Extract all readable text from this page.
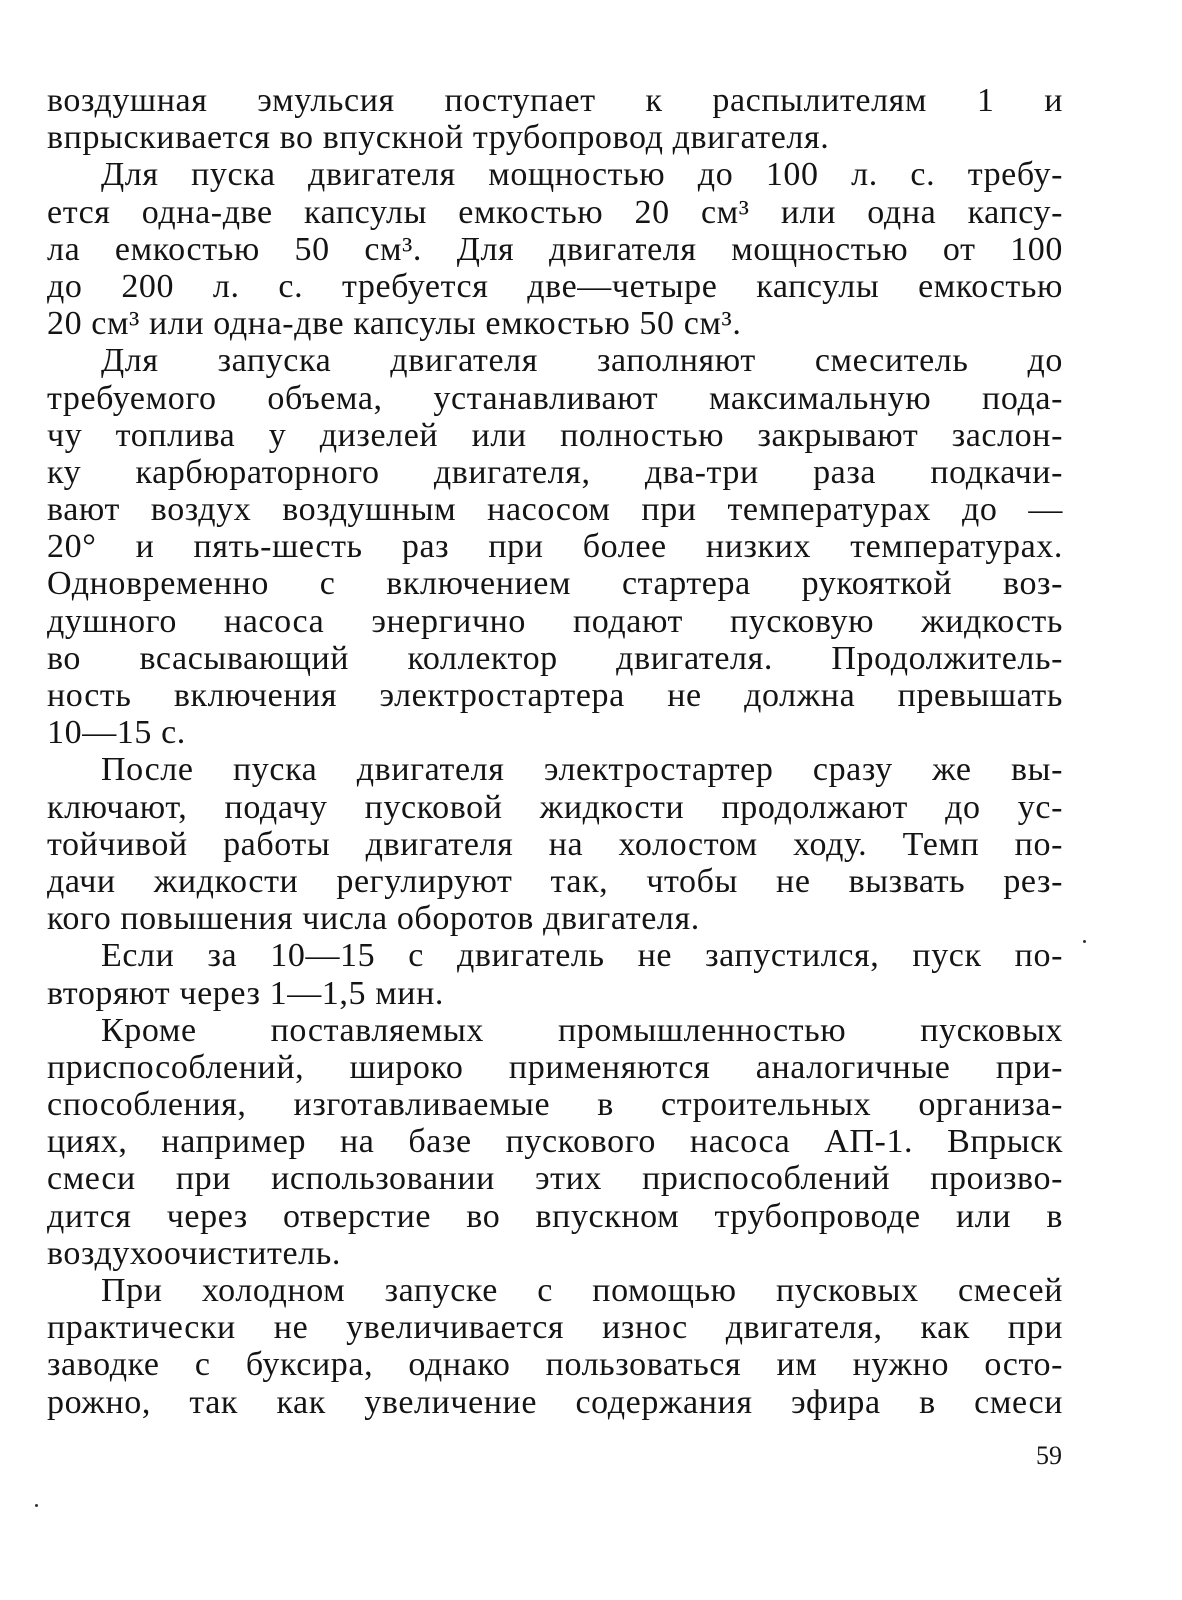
воздушная эмульсия поступает к распылителям 1 и
впрыскивается во впускной трубопровод двигателя.
Для пуска двигателя мощностью до 100 л. с. требу-
ется одна-две капсулы емкостью 20 см³ или одна капсу-
ла емкостью 50 см³. Для двигателя мощностью от 100
до 200 л. с. требуется две—четыре капсулы емкостью
20 см³ или одна-две капсулы емкостью 50 см³.
Для запуска двигателя заполняют смеситель до
требуемого объема, устанавливают максимальную пода-
чу топлива у дизелей или полностью закрывают заслон-
ку карбюраторного двигателя, два-три раза подкачи-
вают воздух воздушным насосом при температурах до —
20° и пять-шесть раз при более низких температурах.
Одновременно с включением стартера рукояткой воз-
душного насоса энергично подают пусковую жидкость
во всасывающий коллектор двигателя. Продолжитель-
ность включения электростартера не должна превышать
10—15 с.
После пуска двигателя электростартер сразу же вы-
ключают, подачу пусковой жидкости продолжают до ус-
тойчивой работы двигателя на холостом ходу. Темп по-
дачи жидкости регулируют так, чтобы не вызвать рез-
кого повышения числа оборотов двигателя.
Если за 10—15 с двигатель не запустился, пуск по-
вторяют через 1—1,5 мин.
Кроме поставляемых промышленностью пусковых
приспособлений, широко применяются аналогичные при-
способления, изготавливаемые в строительных организа-
циях, например на базе пускового насоса АП-1. Впрыск
смеси при использовании этих приспособлений произво-
дится через отверстие во впускном трубопроводе или в
воздухоочиститель.
При холодном запуске с помощью пусковых смесей
практически не увеличивается износ двигателя, как при
заводке с буксира, однако пользоваться им нужно осто-
рожно, так как увеличение содержания эфира в смеси
59
